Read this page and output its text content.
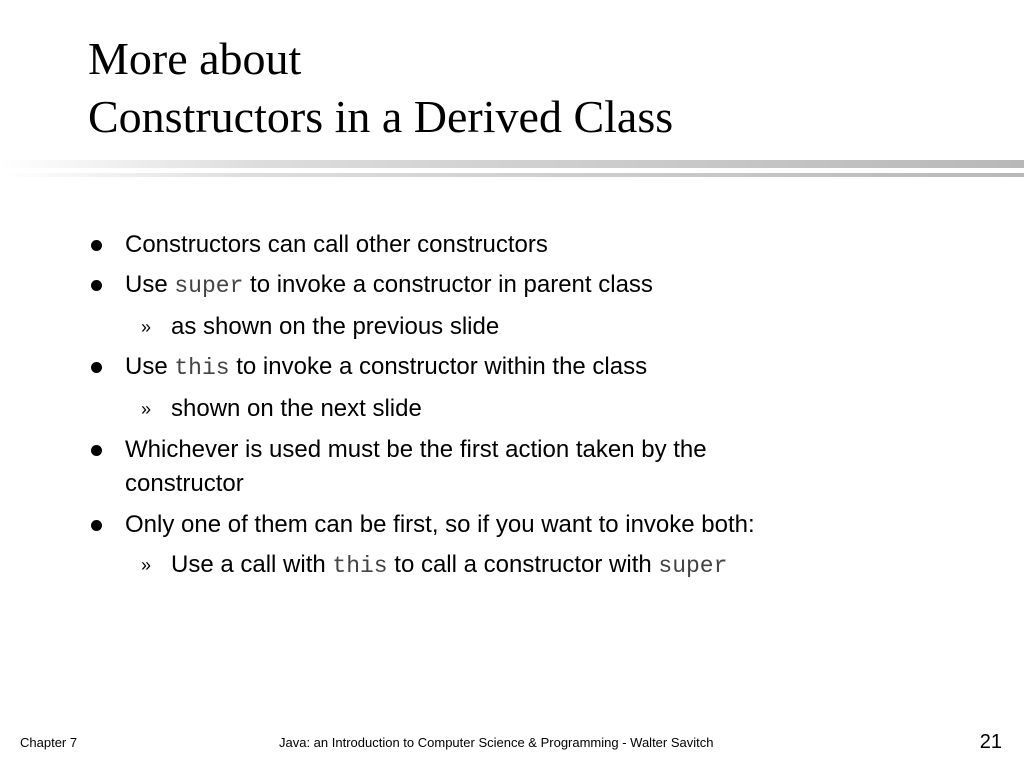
More about
Constructors in a Derived Class
Constructors can call other constructors
Use super to invoke a constructor in parent class
» as shown on the previous slide
Use this to invoke a constructor within the class
» shown on the next slide
Whichever is used must be the first action taken by the
constructor
Only one of them can be first, so if you want to invoke both:
» Use a call with this to call a constructor with super
Chapter 7	Java: an Introduction to Computer Science & Programming - Walter Savitch	21
